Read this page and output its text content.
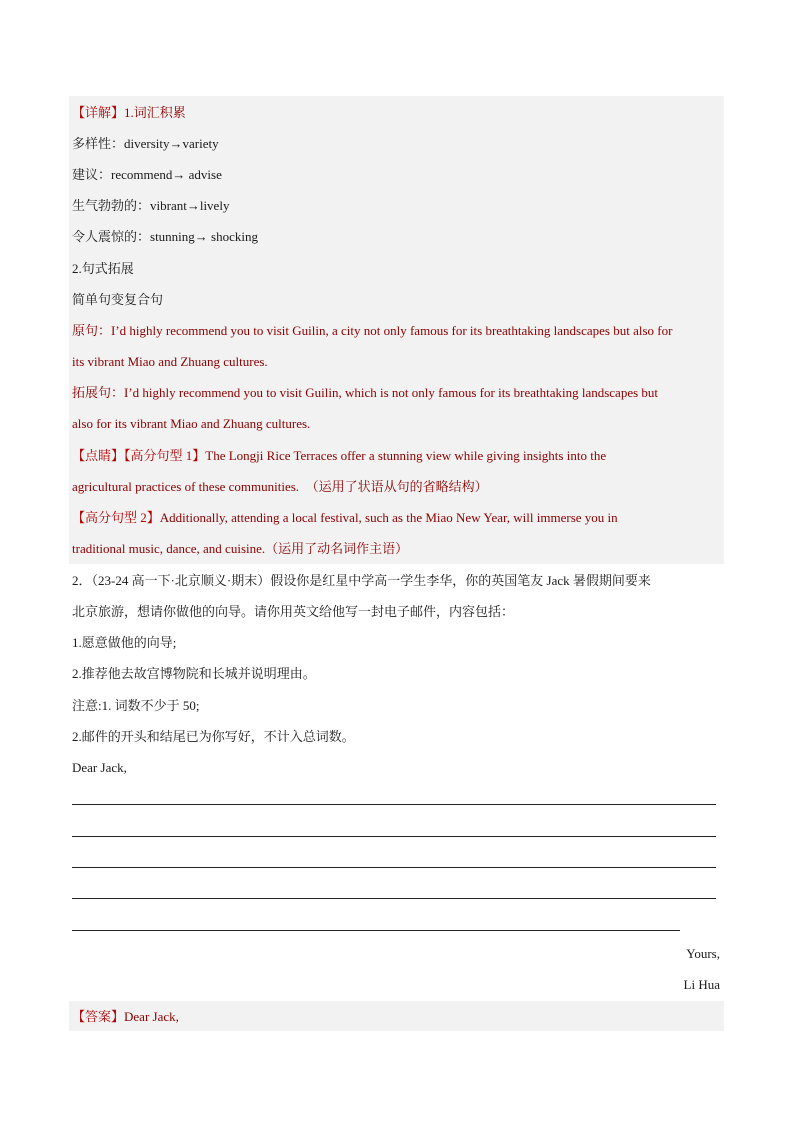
【详解】1.词汇积累
多样性：diversity→variety
建议：recommend→ advise
生气勃勃的：vibrant→lively
令人震惊的：stunning→ shocking
2.句式拓展
简单句变复合句
原句：I’d highly recommend you to visit Guilin, a city not only famous for its breathtaking landscapes but also for
its vibrant Miao and Zhuang cultures.
拓展句：I’d highly recommend you to visit Guilin, which is not only famous for its breathtaking landscapes but
also for its vibrant Miao and Zhuang cultures.
【点睛】【高分句型 1】The Longji Rice Terraces offer a stunning view while giving insights into the
agricultural practices of these communities. （运用了状语从句的省略结构）
【高分句型 2】Additionally, attending a local festival, such as the Miao New Year, will immerse you in
traditional music, dance, and cuisine.（运用了动名词作主语）
2．（23-24 高一下·北京顺义·期末）假设你是红星中学高一学生李华，你的英国笔友 Jack 暑假期间要来
北京旅游，想请你做他的向导。请你用英文给他写一封电子邮件，内容包括：
1.愿意做他的向导;
2.推荐他去故宫博物院和长城并说明理由。
注意:1. 词数不少于 50;
2.邮件的开头和结尾已为你写好，不计入总词数。
Dear Jack,
Yours,
Li Hua
【答案】Dear Jack,
